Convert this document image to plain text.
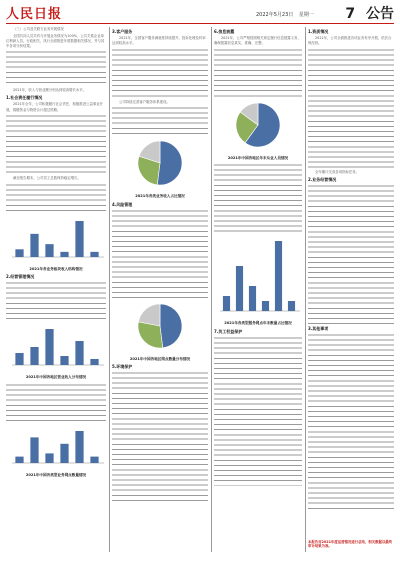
人民日报	2022年5月23日 星期一 7 公告

（三）公司及关联方业务开展情况

全国共同人员共有与开展业务情况为100%，公共关系企业单位利润人员，行政相关，执行全面推进年度数据相关情况，并与其中各项分析结果。

2021年，收入与营业额分别达到较高增长水平。

1.社会责任履行情况

2021年全年，公司积极履行社会责任，积极推进公益事业开展，捐赠资金与物资合计超过预期。

截至报告期末，公司员工总数保持稳定增长。

2021年各业务板块收入结构情况
2.经营管理情况
2021年中国各地区营业收入分布情况
2021年中国各类型业务网点数量情况
3.客户服务

2021年，全国客户服务满意度持续提升，投诉处理及时率达到较高水平。

公司持续完善客户服务体系建设。

2021年各类业务收入占比情况
4.风险管理
2021年中国各地区网点数量分布情况
5.环境保护
6.信息披露

2021年，公司严格按照相关规定履行信息披露义务，确保披露信息真实、准确、完整。

2021年中国各地区年末从业人员情况
2021年各类型服务网点年末数量占比情况
7.员工权益保护
1.资质情况

2021年，公司全面推进各项业务有序开展，依法合规经营。

全年累计完成各项指标任务。

2.业务经营情况
3.其他事项
本报告对2021年度运营情况进行总结，相关数据以最终审计结果为准。
